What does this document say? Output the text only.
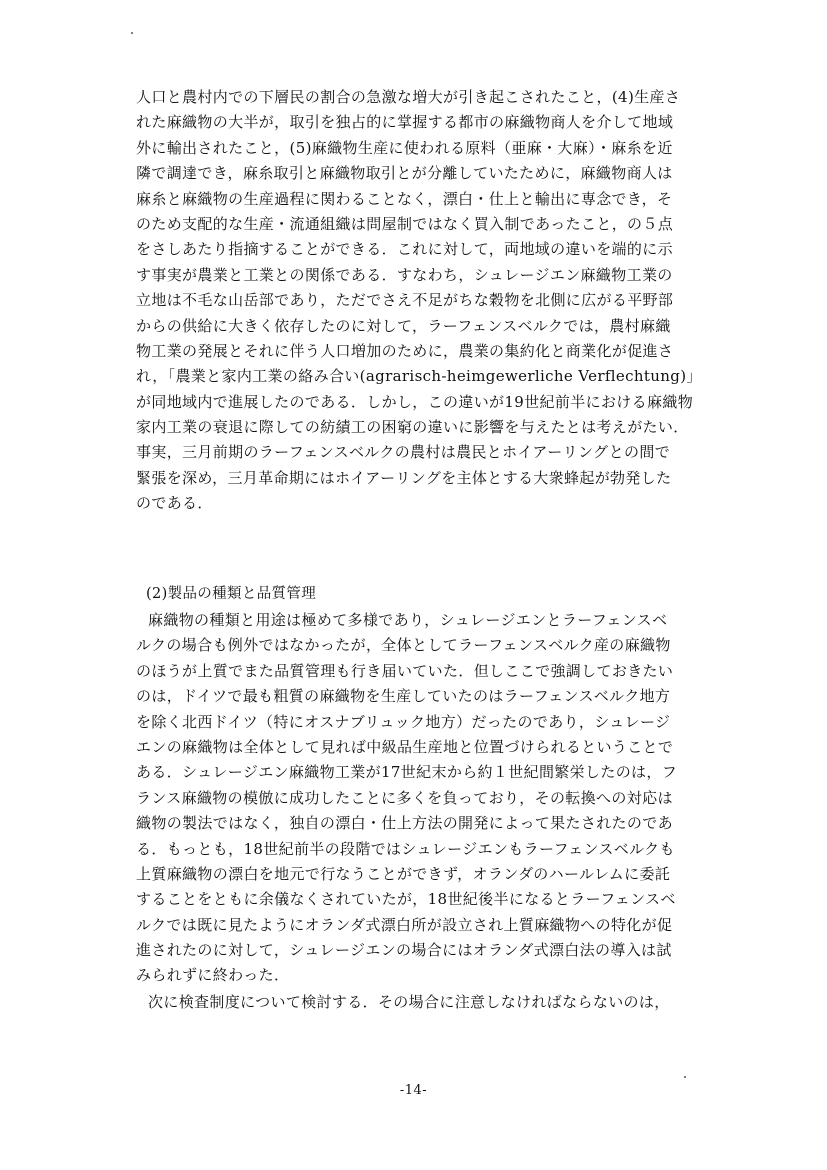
人口と農村内での下層民の割合の急激な増大が引き起こされたこと，(4)生産さ
れた麻織物の大半が，取引を独占的に掌握する都市の麻織物商人を介して地域
外に輸出されたこと，(5)麻織物生産に使われる原料（亜麻・大麻）・麻糸を近
隣で調達でき，麻糸取引と麻織物取引とが分離していたために，麻織物商人は
麻糸と麻織物の生産過程に関わることなく，漂白・仕上と輸出に専念でき，そ
のため支配的な生産・流通組織は問屋制ではなく買入制であったこと，の５点
をさしあたり指摘することができる．これに対して，両地域の違いを端的に示
す事実が農業と工業との関係である．すなわち，シュレージエン麻織物工業の
立地は不毛な山岳部であり，ただでさえ不足がちな穀物を北側に広がる平野部
からの供給に大きく依存したのに対して，ラーフェンスベルクでは，農村麻織
物工業の発展とそれに伴う人口増加のために，農業の集約化と商業化が促進さ
れ，「農業と家内工業の絡み合い(agrarisch-heimgewerliche Verflechtung)」
が同地域内で進展したのである．しかし，この違いが19世紀前半における麻織物
家内工業の衰退に際しての紡績工の困窮の違いに影響を与えたとは考えがたい．
事実，三月前期のラーフェンスベルクの農村は農民とホイアーリングとの間で
緊張を深め，三月革命期にはホイアーリングを主体とする大衆蜂起が勃発した
のである．
(2)製品の種類と品質管理
麻織物の種類と用途は極めて多様であり，シュレージエンとラーフェンスベ
ルクの場合も例外ではなかったが，全体としてラーフェンスベルク産の麻織物
のほうが上質でまた品質管理も行き届いていた．但しここで強調しておきたい
のは，ドイツで最も粗質の麻織物を生産していたのはラーフェンスベルク地方
を除く北西ドイツ（特にオスナブリュック地方）だったのであり，シュレージ
エンの麻織物は全体として見れば中級品生産地と位置づけられるということで
ある．シュレージエン麻織物工業が17世紀末から約１世紀間繁栄したのは，フ
ランス麻織物の模倣に成功したことに多くを負っており，その転換への対応は
織物の製法ではなく，独自の漂白・仕上方法の開発によって果たされたのであ
る．もっとも，18世紀前半の段階ではシュレージエンもラーフェンスベルクも
上質麻織物の漂白を地元で行なうことができず，オランダのハールレムに委託
することをともに余儀なくされていたが，18世紀後半になるとラーフェンスベ
ルクでは既に見たようにオランダ式漂白所が設立され上質麻織物への特化が促
進されたのに対して，シュレージエンの場合にはオランダ式漂白法の導入は試
みられずに終わった．
次に検査制度について検討する．その場合に注意しなければならないのは，
-14-
